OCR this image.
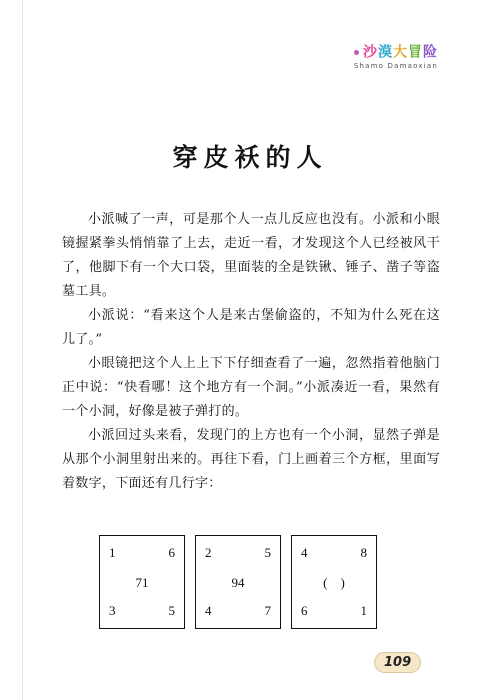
沙漠大冒险
Shamo Damaoxian
穿皮袄的人

小派喊了一声，可是那个人一点儿反应也没有。小派和小眼镜握紧拳头悄悄靠了上去，走近一看，才发现这个人已经被风干了，他脚下有一个大口袋，里面装的全是铁锹、锤子、凿子等盗墓工具。

小派说：“看来这个人是来古堡偷盗的，不知为什么死在这儿了。”

小眼镜把这个人上上下下仔细查看了一遍，忽然指着他脑门正中说：“快看哪！这个地方有一个洞。”小派凑近一看，果然有一个小洞，好像是被子弹打的。

小派回过头来看，发现门的上方也有一个小洞，显然子弹是从那个小洞里射出来的。再往下看，门上画着三个方框，里面写着数字，下面还有几行字：

1	6
71
3	5
2	5
94
4	7
4	8
(    )
6	1
109
